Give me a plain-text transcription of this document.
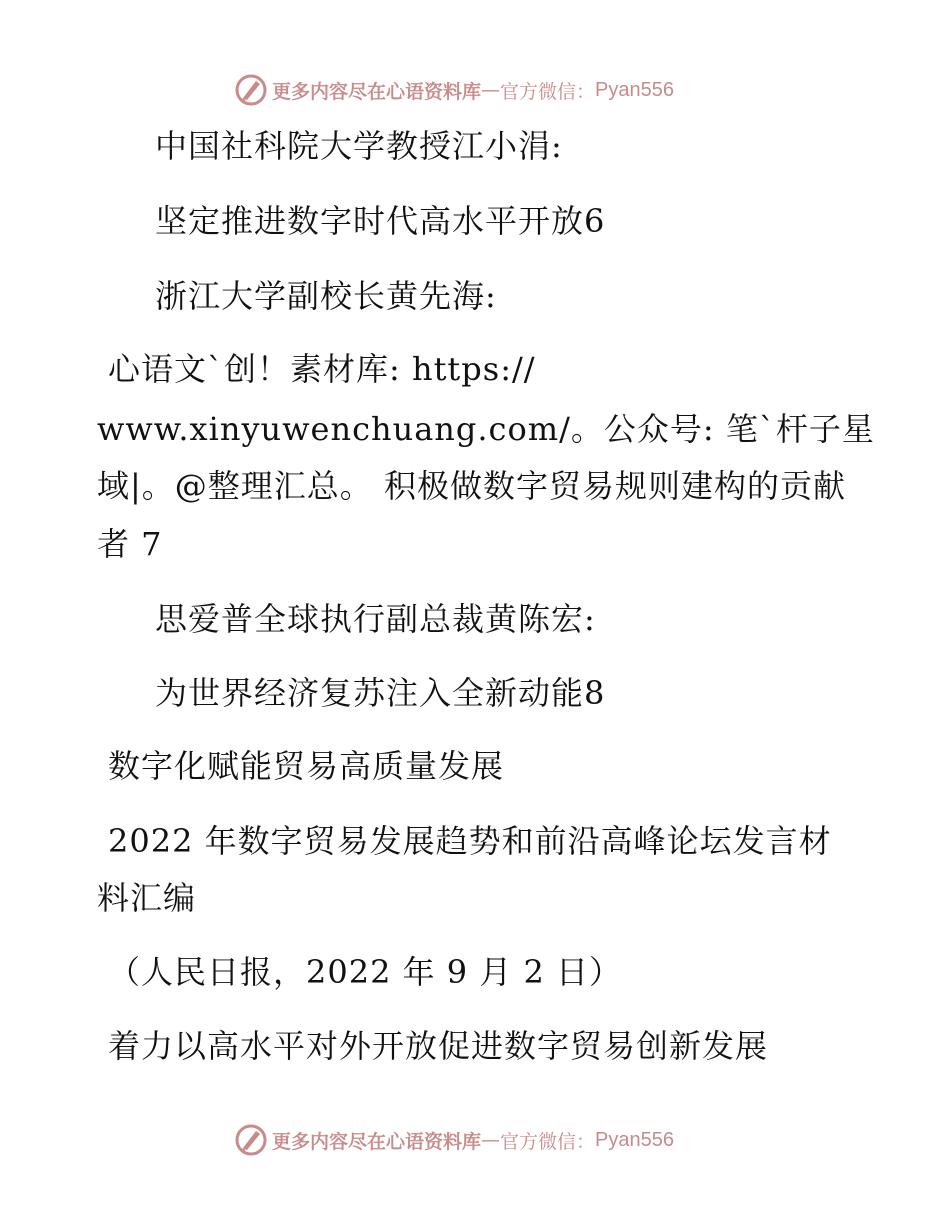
更多内容尽在心语资料库 — 官方微信： Pyan556
中国社科院大学教授江小涓:
坚定推进数字时代高水平开放6
浙江大学副校长黄先海:
心语文`创！素材库: https://
www.xinyuwenchuang.com/。公众号: 笔`杆子星
域|。@整理汇总。 积极做数字贸易规则建构的贡献
者 7
思爱普全球执行副总裁黄陈宏:
为世界经济复苏注入全新动能8
数字化赋能贸易高质量发展
2022 年数字贸易发展趋势和前沿高峰论坛发言材
料汇编
（人民日报，2022 年 9 月 2 日）
着力以高水平对外开放促进数字贸易创新发展
更多内容尽在心语资料库 — 官方微信： Pyan556
